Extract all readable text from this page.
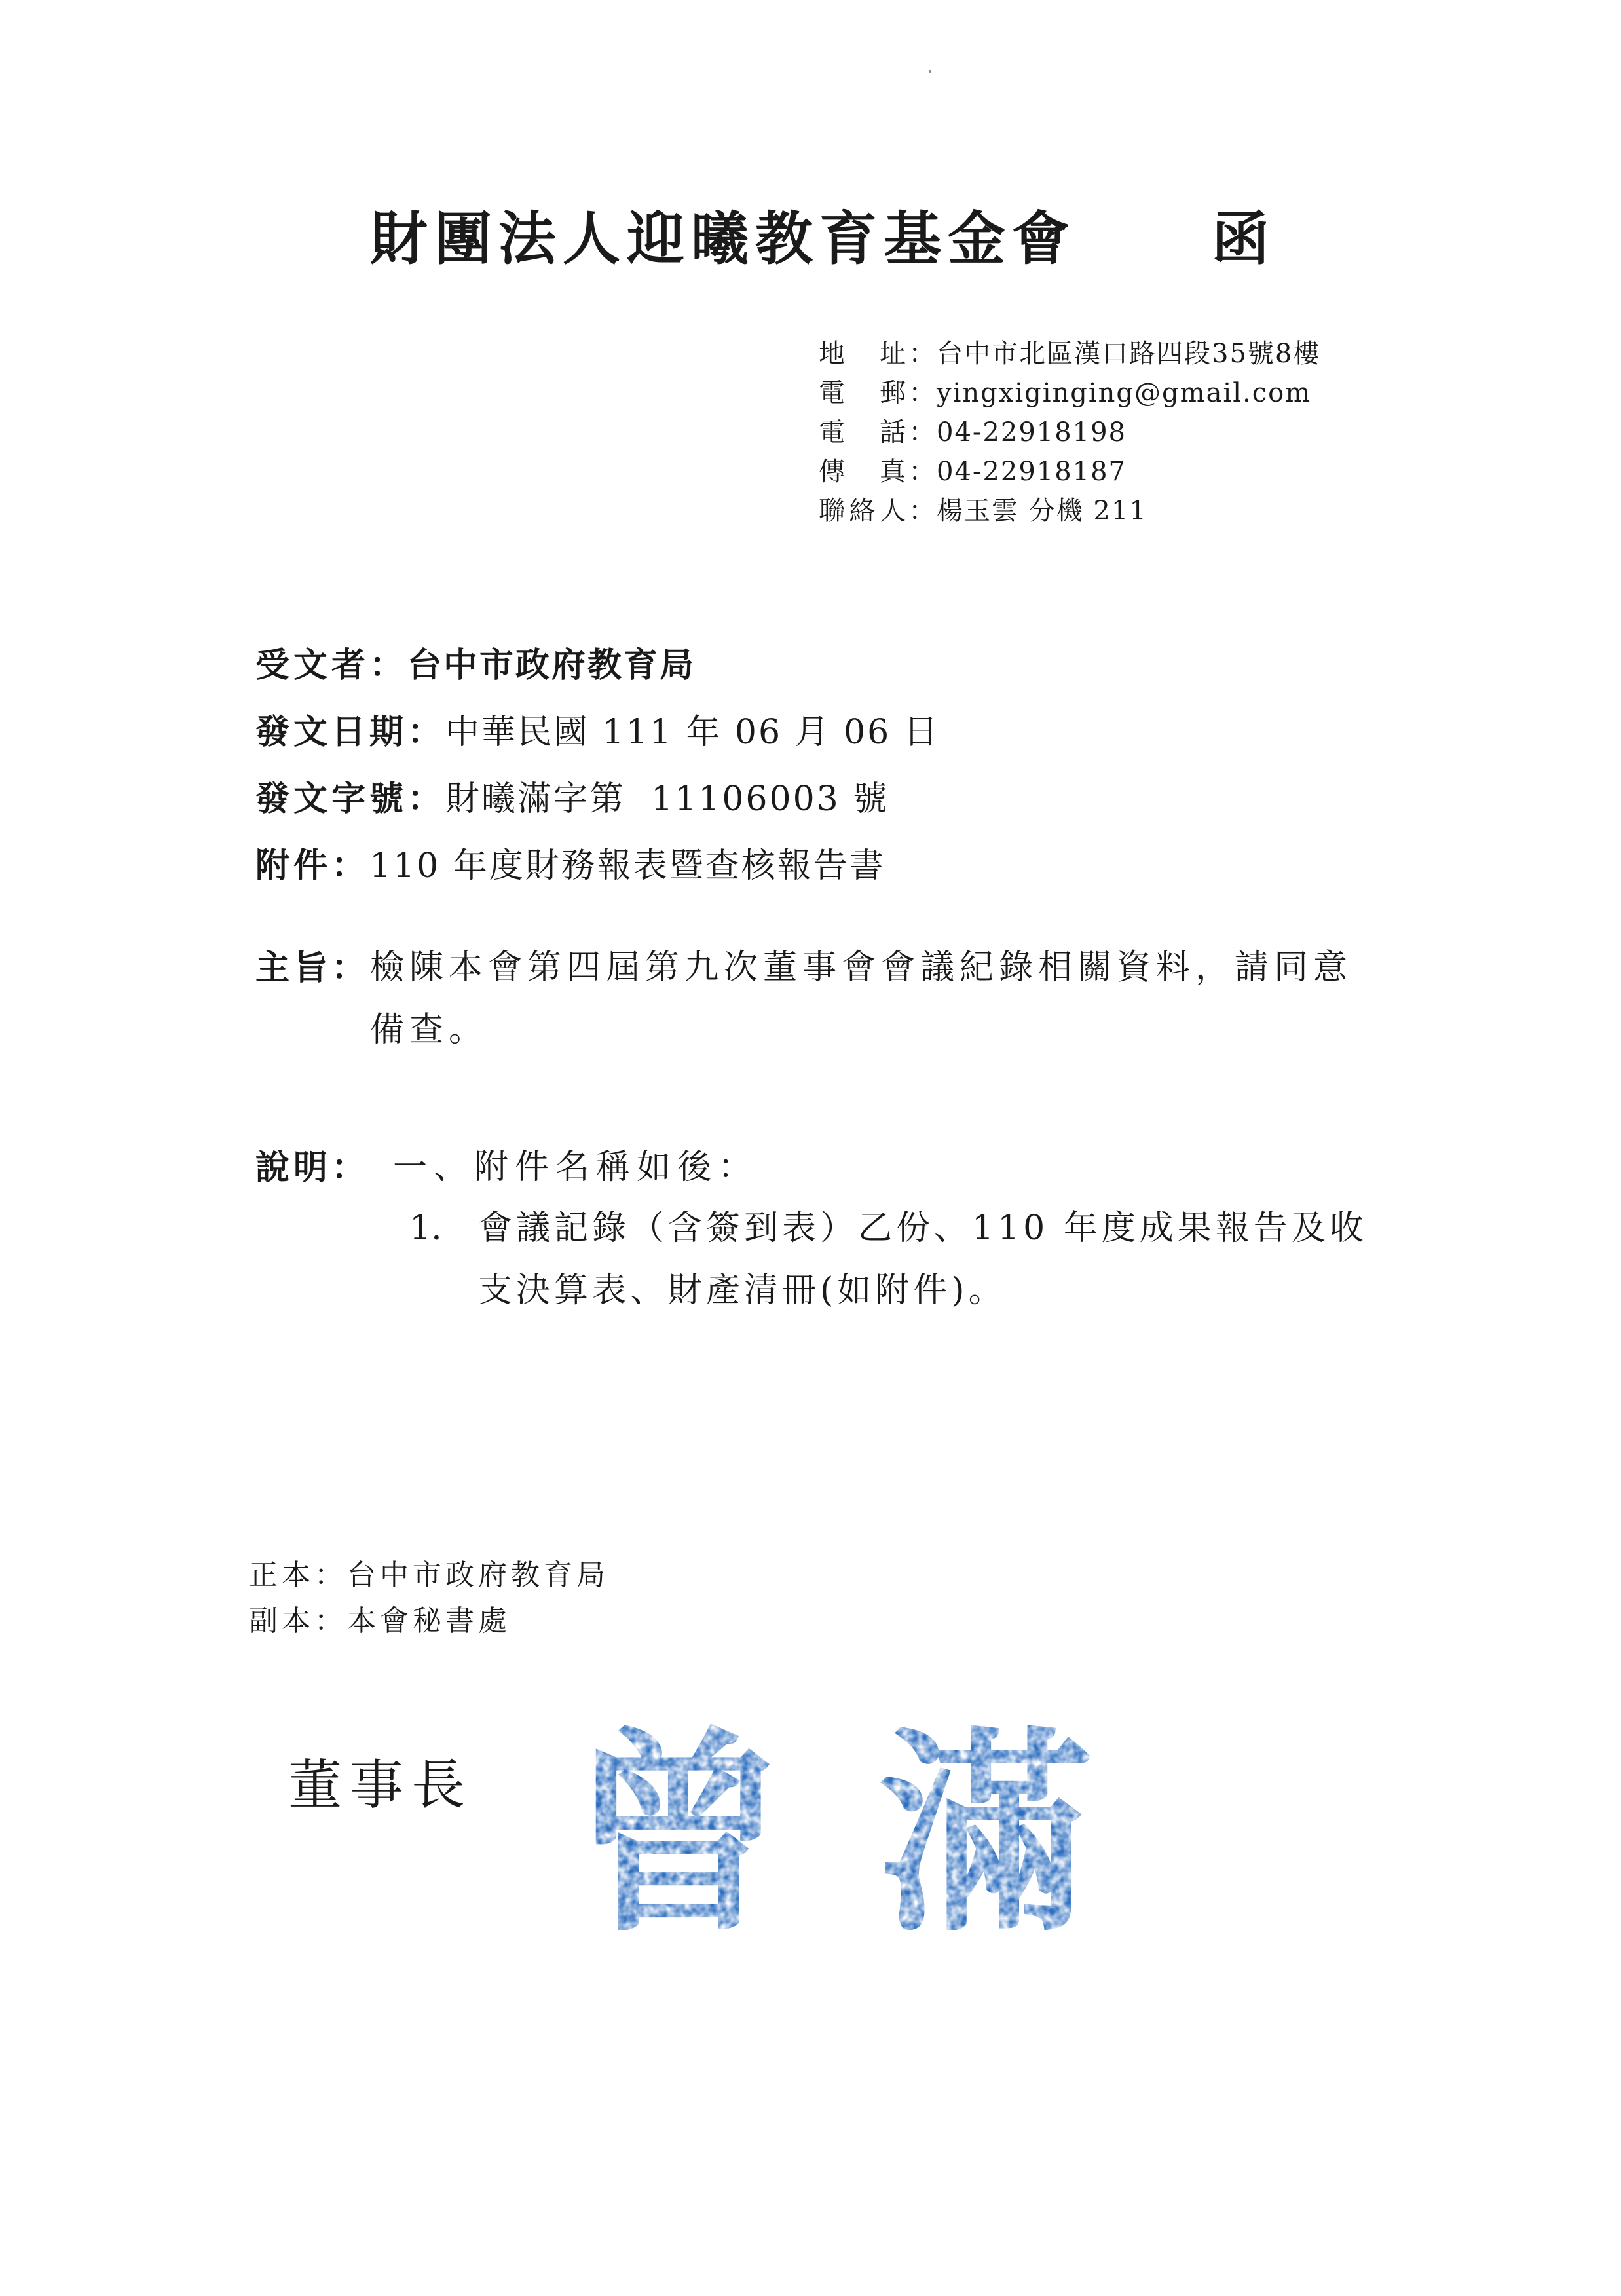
財團法人迎曦教育基金會 函
地　址 ： 台中市北區漢口路四段35號8樓
電　郵 ： yingxiginging@gmail.com
電　話 ： 04-22918198
傳　真 ： 04-22918187
聯絡人 ： 楊玉雲 分機 211
受文者：台中市政府教育局
發文日期：中華民國 111 年 06 月 06 日
發文字號：財曦滿字第  11106003 號
附件：110 年度財務報表暨查核報告書
主旨： 檢陳本會第四屆第九次董事會會議紀錄相關資料，請同意備查。
說明： 一、附件名稱如後：
1. 會議記錄（含簽到表）乙份、110 年度成果報告及收支決算表、財產清冊(如附件)。
正本：台中市政府教育局
副本：本會秘書處
董事長 曾 滿
